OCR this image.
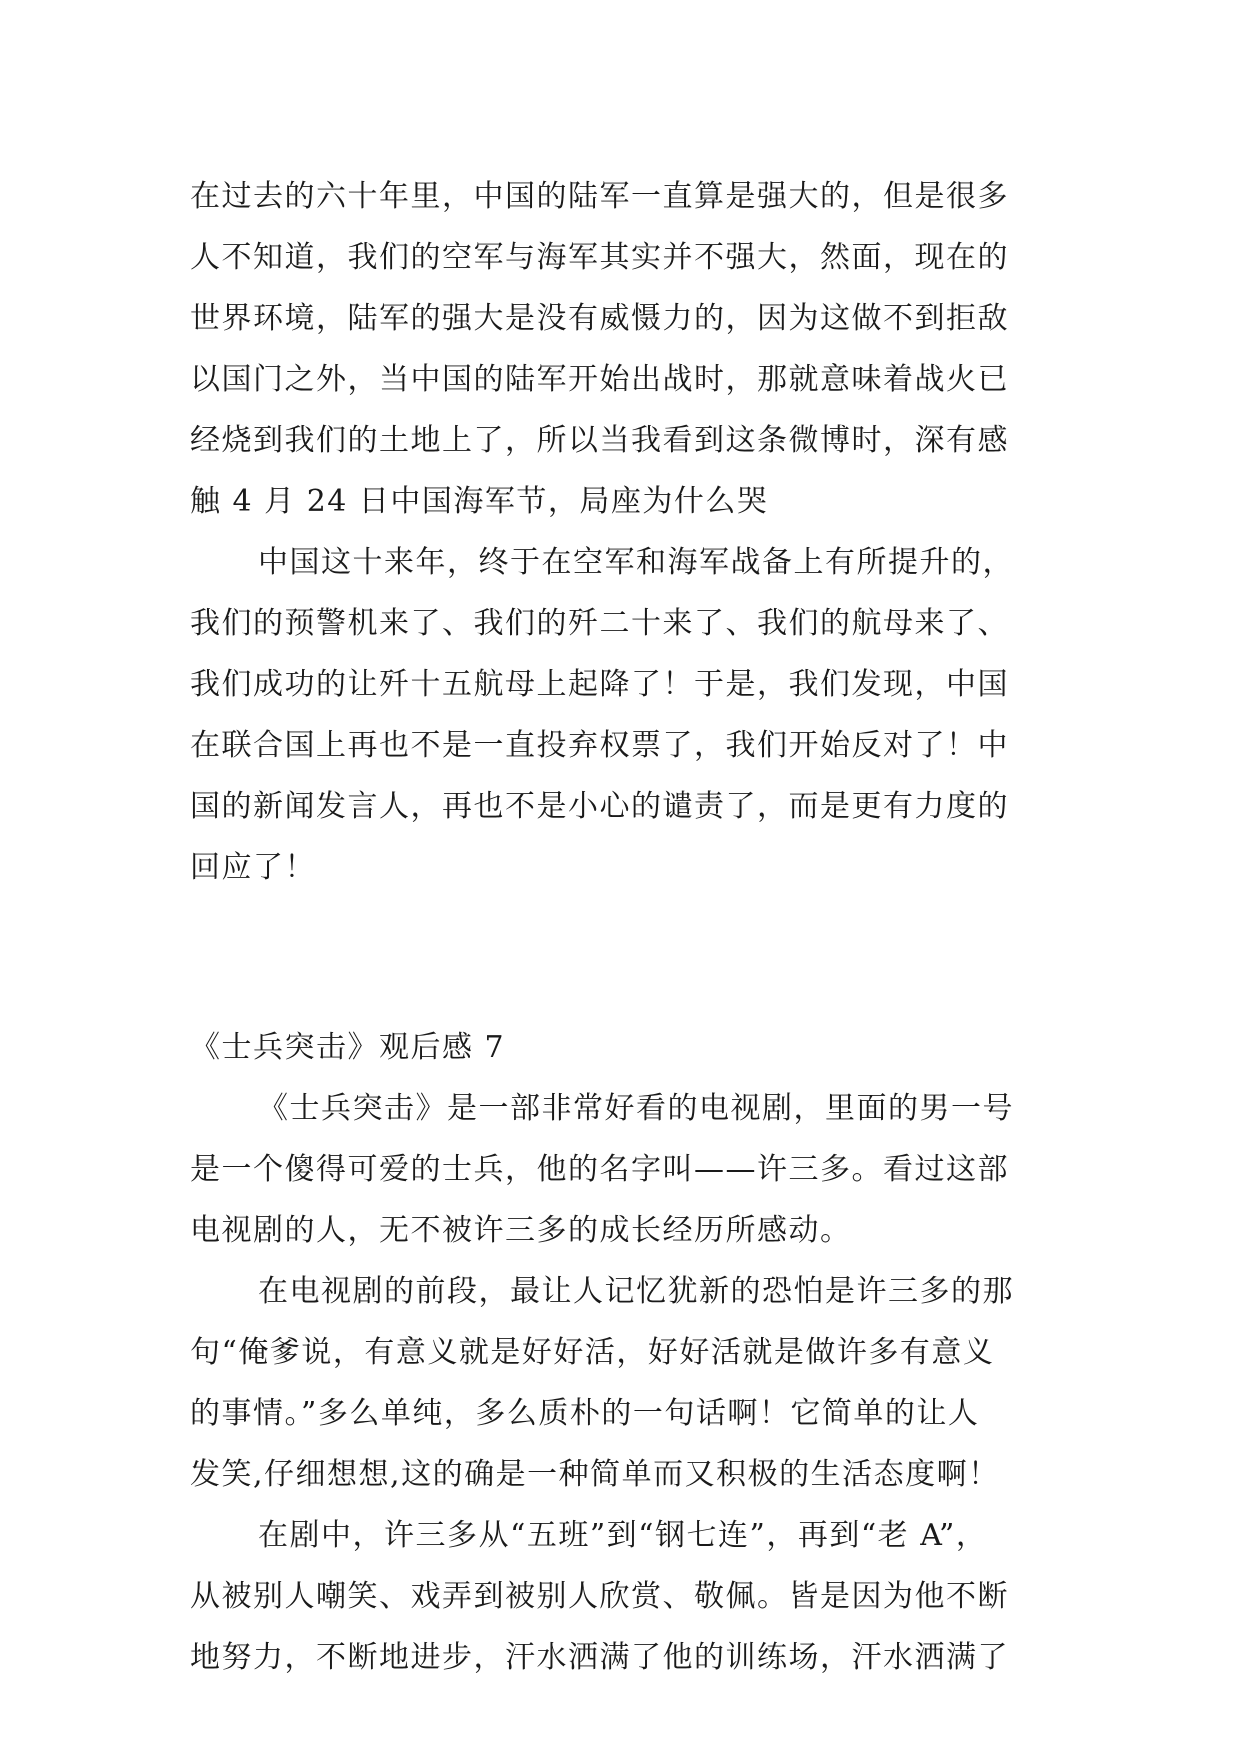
在过去的六十年里，中国的陆军一直算是强大的，但是很多
人不知道，我们的空军与海军其实并不强大，然面，现在的
世界环境，陆军的强大是没有威慑力的，因为这做不到拒敌
以国门之外，当中国的陆军开始出战时，那就意味着战火已
经烧到我们的土地上了，所以当我看到这条微博时，深有感
触 4 月 24 日中国海军节，局座为什么哭
中国这十来年，终于在空军和海军战备上有所提升的，
我们的预警机来了、我们的歼二十来了、我们的航母来了、
我们成功的让歼十五航母上起降了！于是，我们发现，中国
在联合国上再也不是一直投弃权票了，我们开始反对了！中
国的新闻发言人，再也不是小心的谴责了，而是更有力度的
回应了！
《士兵突击》观后感 7
《士兵突击》是一部非常好看的电视剧，里面的男一号
是一个傻得可爱的士兵，他的名字叫——许三多。看过这部
电视剧的人，无不被许三多的成长经历所感动。
在电视剧的前段，最让人记忆犹新的恐怕是许三多的那
句“俺爹说，有意义就是好好活，好好活就是做许多有意义
的事情。”多么单纯，多么质朴的一句话啊！它简单的让人
发笑,仔细想想,这的确是一种简单而又积极的生活态度啊！
在剧中，许三多从“五班”到“钢七连”，再到“老 A”，
从被别人嘲笑、戏弄到被别人欣赏、敬佩。皆是因为他不断
地努力，不断地进步，汗水洒满了他的训练场，汗水洒满了
